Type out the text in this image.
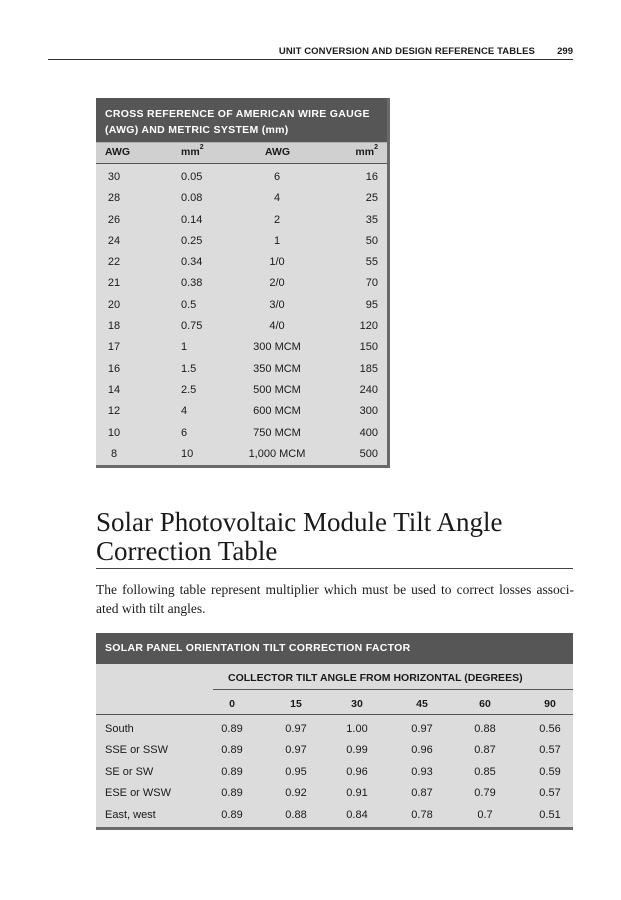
UNIT CONVERSION AND DESIGN REFERENCE TABLES 299
CROSS REFERENCE OF AMERICAN WIRE GAUGE (AWG) AND METRIC SYSTEM (mm)
AWG	$mm^2$	AWG	$mm^2$
30	0.05	6	16
28	0.08	4	25
26	0.14	2	35
24	0.25	1	50
22	0.34	1/0	55
21	0.38	2/0	70
20	0.5	3/0	95
18	0.75	4/0	120
17	1	300 MCM	150
16	1.5	350 MCM	185
14	2.5	500 MCM	240
12	4	600 MCM	300
10	6	750 MCM	400
8	10	1,000 MCM	500
Solar Photovoltaic Module Tilt Angle Correction Table
The following table represent multiplier which must be used to correct losses associ-ated with tilt angles.
SOLAR PANEL ORIENTATION TILT CORRECTION FACTOR
COLLECTOR TILT ANGLE FROM HORIZONTAL (DEGREES)
0	15	30	45	60	90
South	0.89	0.97	1.00	0.97	0.88	0.56
SSE or SSW	0.89	0.97	0.99	0.96	0.87	0.57
SE or SW	0.89	0.95	0.96	0.93	0.85	0.59
ESE or WSW	0.89	0.92	0.91	0.87	0.79	0.57
East, west	0.89	0.88	0.84	0.78	0.7	0.51
